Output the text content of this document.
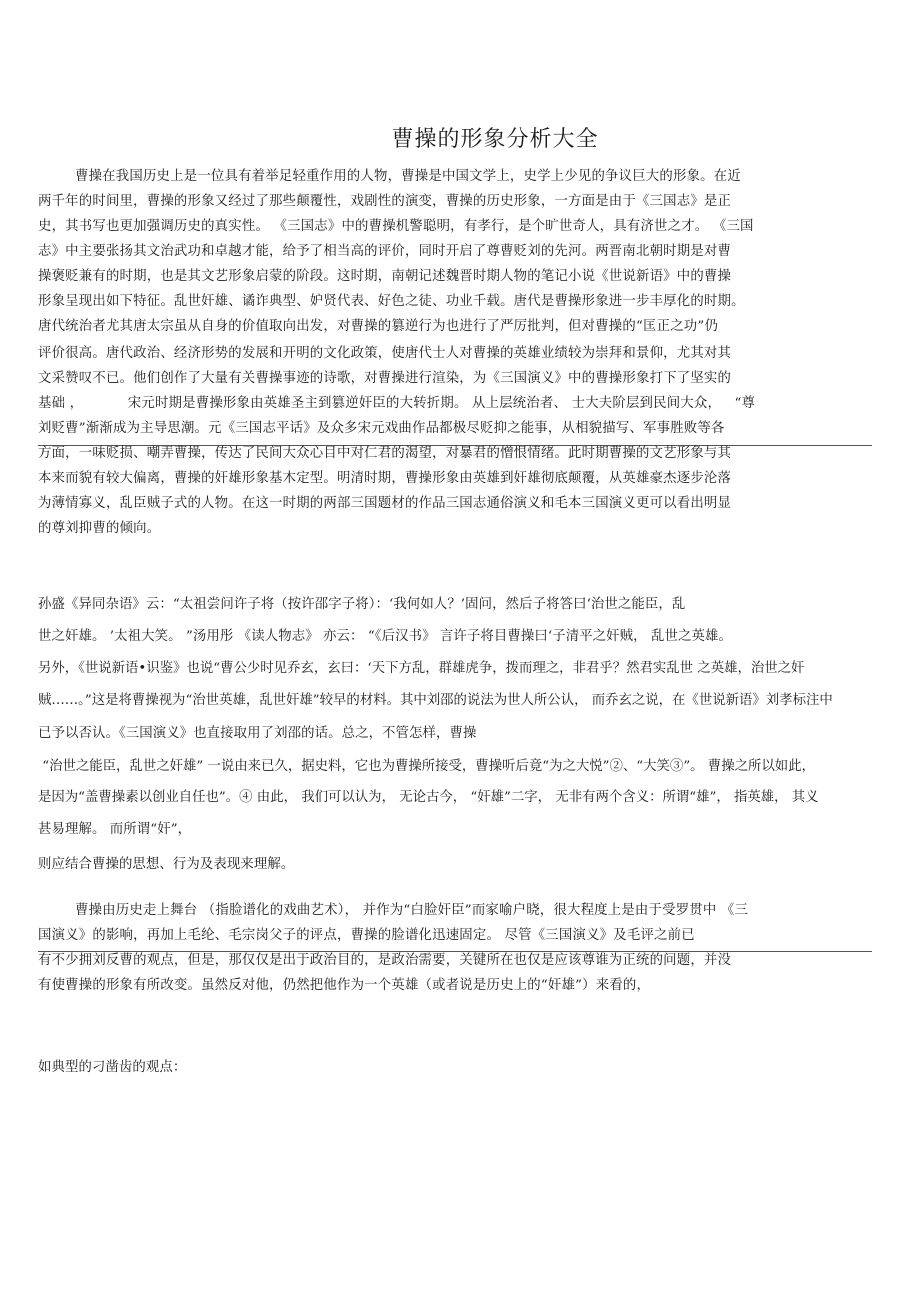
曹操的形象分析大全
曹操在我国历史上是一位具有着举足轻重作用的人物，曹操是中国文学上，史学上少见的争议巨大的形象。在近
两千年的时间里，曹操的形象又经过了那些颠覆性，戏剧性的演变，曹操的历史形象，一方面是由于《三国志》是正
史，其书写也更加强调历史的真实性。 《三国志》中的曹操机警聪明，有孝行，是个旷世奇人，具有济世之才。 《三国
志》中主要张扬其文治武功和卓越才能，给予了相当高的评价，同时开启了尊曹贬刘的先河。两晋南北朝时期是对曹
操褒贬兼有的时期，也是其文艺形象启蒙的阶段。这时期，南朝记述魏晋时期人物的笔记小说《世说新语》中的曹操
形象呈现出如下特征。乱世奸雄、谲诈典型、妒贤代表、好色之徒、功业千载。唐代是曹操形象进一步丰厚化的时期。
唐代统治者尤其唐太宗虽从自身的价值取向出发，对曹操的篡逆行为也进行了严厉批判，但对曹操的“匡正之功”仍
评价很高。唐代政治、经济形势的发展和开明的文化政策，使唐代士人对曹操的英雄业绩较为崇拜和景仰，尤其对其
文采赞叹不已。他们创作了大量有关曹操事迹的诗歌，对曹操进行渲染，为《三国演义》中的曹操形象打下了坚实的
基础 ，          宋元时期是曹操形象由英雄圣主到篡逆奸臣的大转折期。 从上层统治者、 士大夫阶层到民间大众，   “尊
刘贬曹”渐渐成为主导思潮。元《三国志平话》及众多宋元戏曲作品都极尽贬抑之能事，从相貌描写、军事胜败等各
方面，一味贬损、嘲弄曹操，传达了民间大众心目中对仁君的渴望，对暴君的憎恨情绪。此时期曹操的文艺形象与其
本来而貌有较大偏离，曹操的奸雄形象基木定型。明清时期，曹操形象由英雄到奸雄彻底颠覆，从英雄豪杰逐步沦落
为薄情寡义，乱臣贼子式的人物。在这一时期的两部三国题材的作品三国志通俗演义和毛本三国演义更可以看出明显
的尊刘抑曹的倾向。
孙盛《异同杂语》云：“太祖尝问许子将（按许邵字子将）：‘我何如人？’固问，然后子将答曰‘治世之能臣，乱
世之奸雄。 ’太祖大笑。 ”汤用彤 《读人物志》 亦云： “《后汉书》 言许子将目曹操曰‘子清平之奸贼， 乱世之英雄。
另外，《世说新语•识鉴》也说“曹公少时见乔玄，玄曰：‘天下方乱，群雄虎争，拨而理之，非君乎？然君实乱世 之英雄，治世之奸
贼……。”这是将曹操视为“治世英雄，乱世奸雄”较早的材料。其中刘邵的说法为世人所公认， 而乔玄之说，在《世说新语》刘孝标注中
已予以否认。《三国演义》也直接取用了刘邵的话。总之，不管怎样，曹操
“治世之能臣，乱世之奸雄” 一说由来已久，据史料，它也为曹操所接受，曹操听后竟“为之大悦”②、“大笑③”。 曹操之所以如此，
是因为“盖曹操素以创业自任也”。④ 由此， 我们可以认为， 无论古今， “奸雄”二字， 无非有两个含义：所谓“雄”， 指英雄， 其义
甚易理解。 而所谓“奸”，
则应结合曹操的思想、行为及表现来理解。
曹操由历史走上舞台 （指脸谱化的戏曲艺术）， 并作为“白脸奸臣”而家喻户晓，很大程度上是由于受罗贯中 《三
国演义》的影响，再加上毛纶、毛宗岗父子的评点，曹操的脸谱化迅速固定。 尽管《三国演义》及毛评之前已
有不少拥刘反曹的观点，但是，那仅仅是出于政治目的，是政治需要，关键所在也仅是应该尊谁为正统的问题，并没
有使曹操的形象有所改变。虽然反对他，仍然把他作为一个英雄（或者说是历史上的“奸雄”）来看的，
如典型的刁凿齿的观点：
